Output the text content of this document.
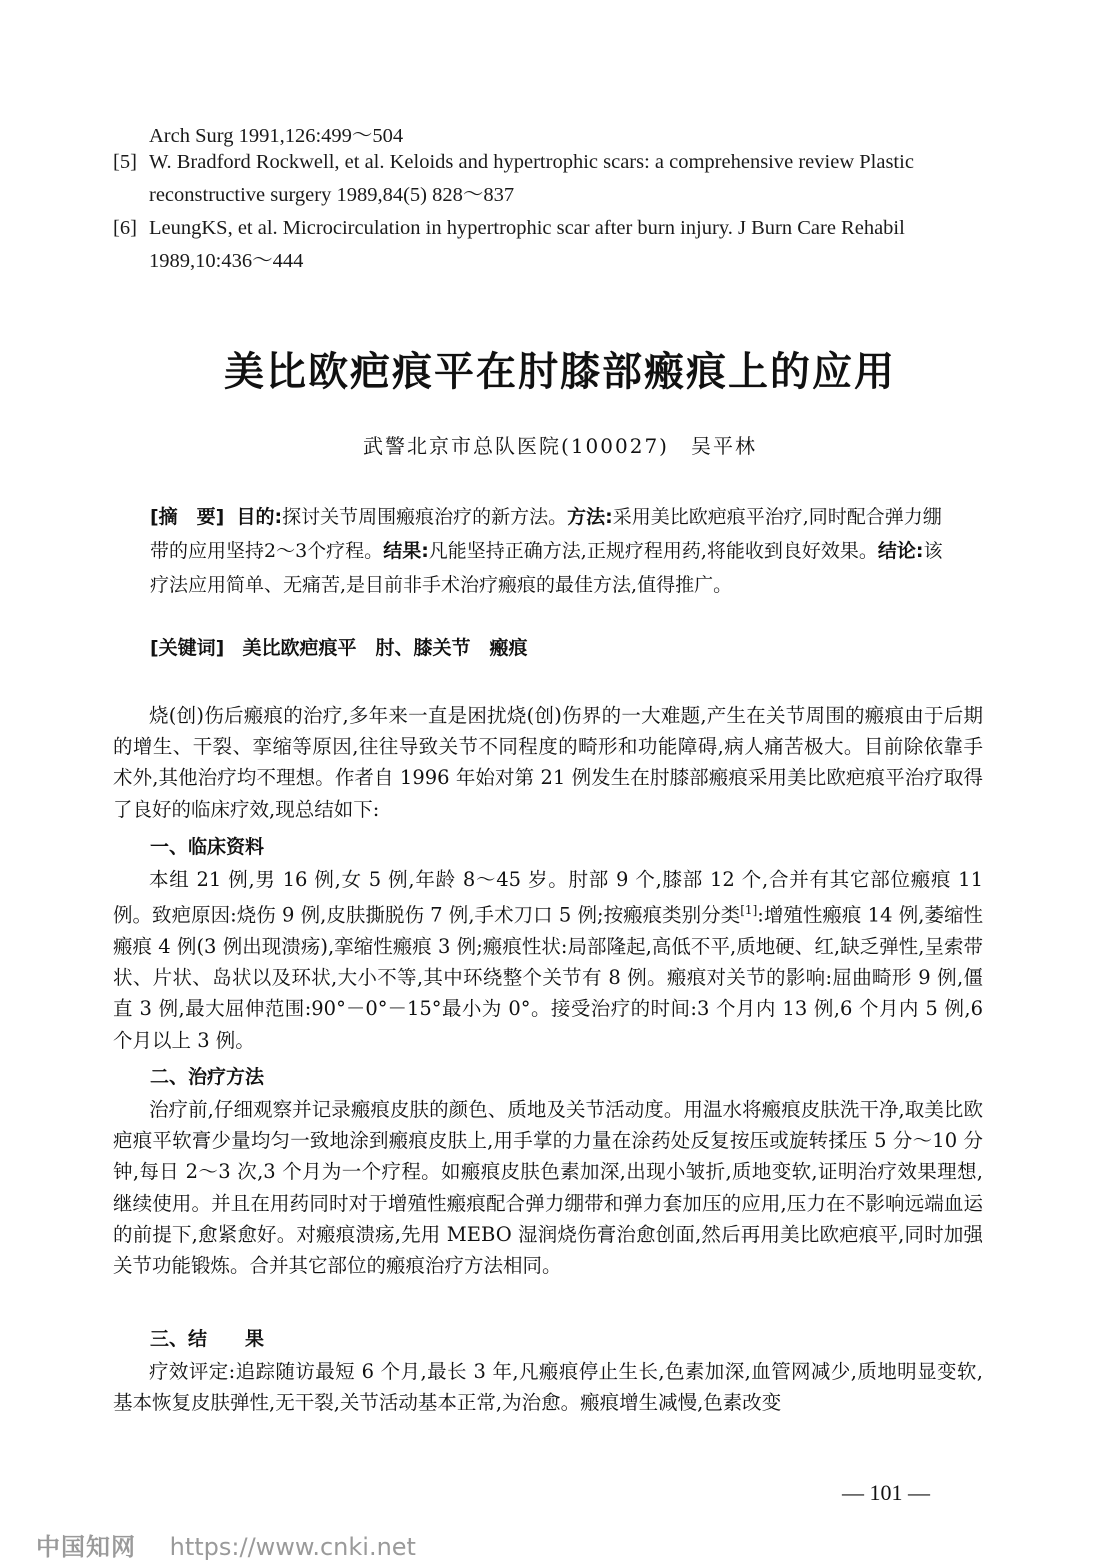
Arch Surg 1991,126:499～504
[5] W. Bradford Rockwell, et al. Keloids and hypertrophic scars: a comprehensive review Plastic reconstructive surgery 1989,84(5) 828～837
[6] LeungKS, et al. Microcirculation in hypertrophic scar after burn injury. J Burn Care Rehabil 1989,10:436～444
美比欧疤痕平在肘膝部瘢痕上的应用
武警北京市总队医院(100027)　吴平林
[摘　要] 目的:探讨关节周围瘢痕治疗的新方法。方法:采用美比欧疤痕平治疗,同时配合弹力绷带的应用坚持2～3个疗程。结果:凡能坚持正确方法,正规疗程用药,将能收到良好效果。结论:该疗法应用简单、无痛苦,是目前非手术治疗瘢痕的最佳方法,值得推广。
[关键词] 美比欧疤痕平　肘、膝关节　瘢痕
烧(创)伤后瘢痕的治疗,多年来一直是困扰烧(创)伤界的一大难题,产生在关节周围的瘢痕由于后期的增生、干裂、挛缩等原因,往往导致关节不同程度的畸形和功能障碍,病人痛苦极大。目前除依靠手术外,其他治疗均不理想。作者自 1996 年始对第 21 例发生在肘膝部瘢痕采用美比欧疤痕平治疗取得了良好的临床疗效,现总结如下:
一、临床资料
本组 21 例,男 16 例,女 5 例,年龄 8～45 岁。肘部 9 个,膝部 12 个,合并有其它部位瘢痕 11 例。致疤原因:烧伤 9 例,皮肤撕脱伤 7 例,手术刀口 5 例;按瘢痕类别分类[1]:增殖性瘢痕 14 例,萎缩性瘢痕 4 例(3 例出现溃疡),挛缩性瘢痕 3 例;瘢痕性状:局部隆起,高低不平,质地硬、红,缺乏弹性,呈索带状、片状、岛状以及环状,大小不等,其中环绕整个关节有 8 例。瘢痕对关节的影响:屈曲畸形 9 例,僵直 3 例,最大屈伸范围:90°－0°－15°最小为 0°。接受治疗的时间:3 个月内 13 例,6 个月内 5 例,6 个月以上 3 例。
二、治疗方法
治疗前,仔细观察并记录瘢痕皮肤的颜色、质地及关节活动度。用温水将瘢痕皮肤洗干净,取美比欧疤痕平软膏少量均匀一致地涂到瘢痕皮肤上,用手掌的力量在涂药处反复按压或旋转揉压 5 分～10 分钟,每日 2～3 次,3 个月为一个疗程。如瘢痕皮肤色素加深,出现小皱折,质地变软,证明治疗效果理想,继续使用。并且在用药同时对于增殖性瘢痕配合弹力绷带和弹力套加压的应用,压力在不影响远端血运的前提下,愈紧愈好。对瘢痕溃疡,先用 MEBO 湿润烧伤膏治愈创面,然后再用美比欧疤痕平,同时加强关节功能锻炼。合并其它部位的瘢痕治疗方法相同。
三、结　　果
疗效评定:追踪随访最短 6 个月,最长 3 年,凡瘢痕停止生长,色素加深,血管网减少,质地明显变软,基本恢复皮肤弹性,无干裂,关节活动基本正常,为治愈。瘢痕增生减慢,色素改变
— 101 —
中国知网 https://www.cnki.net
